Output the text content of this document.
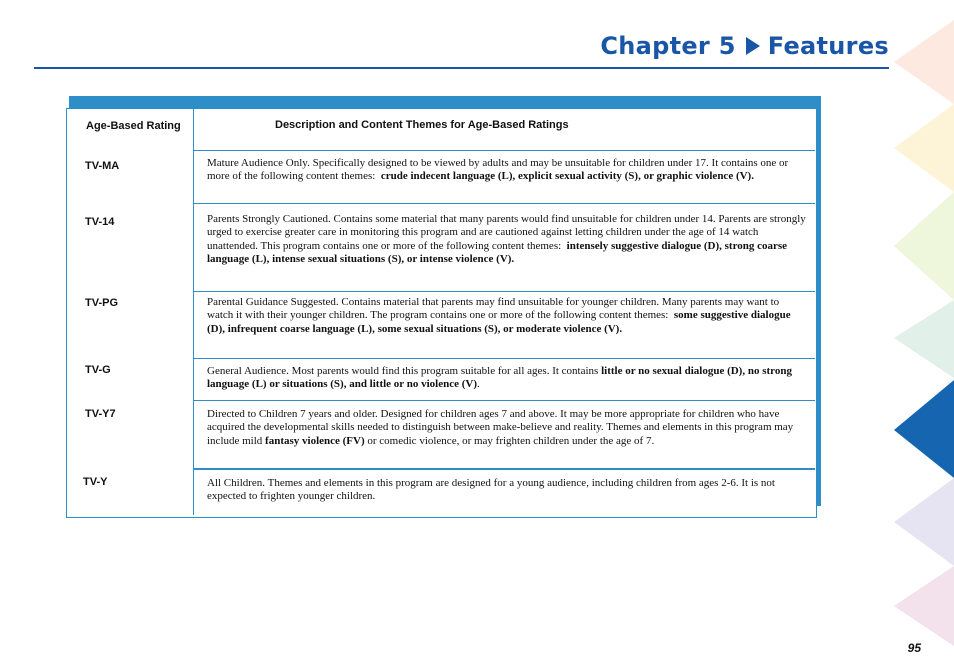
Chapter 5 Features
Age-Based Rating	Description and Content Themes for Age-Based Ratings
TV-MA	Mature Audience Only. Specifically designed to be viewed by adults and may be unsuitable for children under 17. It contains one or more of the following content themes: crude indecent language (L), explicit sexual activity (S), or graphic violence (V).
TV-14	Parents Strongly Cautioned. Contains some material that many parents would find unsuitable for children under 14. Parents are strongly urged to exercise greater care in monitoring this program and are cautioned against letting children under the age of 14 watch unattended. This program contains one or more of the following content themes: intensely suggestive dialogue (D), strong coarse language (L), intense sexual situations (S), or intense violence (V).
TV-PG	Parental Guidance Suggested. Contains material that parents may find unsuitable for younger children. Many parents may want to watch it with their younger children. The program contains one or more of the following content themes: some suggestive dialogue (D), infrequent coarse language (L), some sexual situations (S), or moderate violence (V).
TV-G	General Audience. Most parents would find this program suitable for all ages. It contains little or no sexual dialogue (D), no strong language (L) or situations (S), and little or no violence (V).
TV-Y7	Directed to Children 7 years and older. Designed for children ages 7 and above. It may be more appropriate for children who have acquired the developmental skills needed to distinguish between make-believe and reality. Themes and elements in this program may include mild fantasy violence (FV) or comedic violence, or may frighten children under the age of 7.
TV-Y	All Children. Themes and elements in this program are designed for a young audience, including children from ages 2-6. It is not expected to frighten younger children.
95
